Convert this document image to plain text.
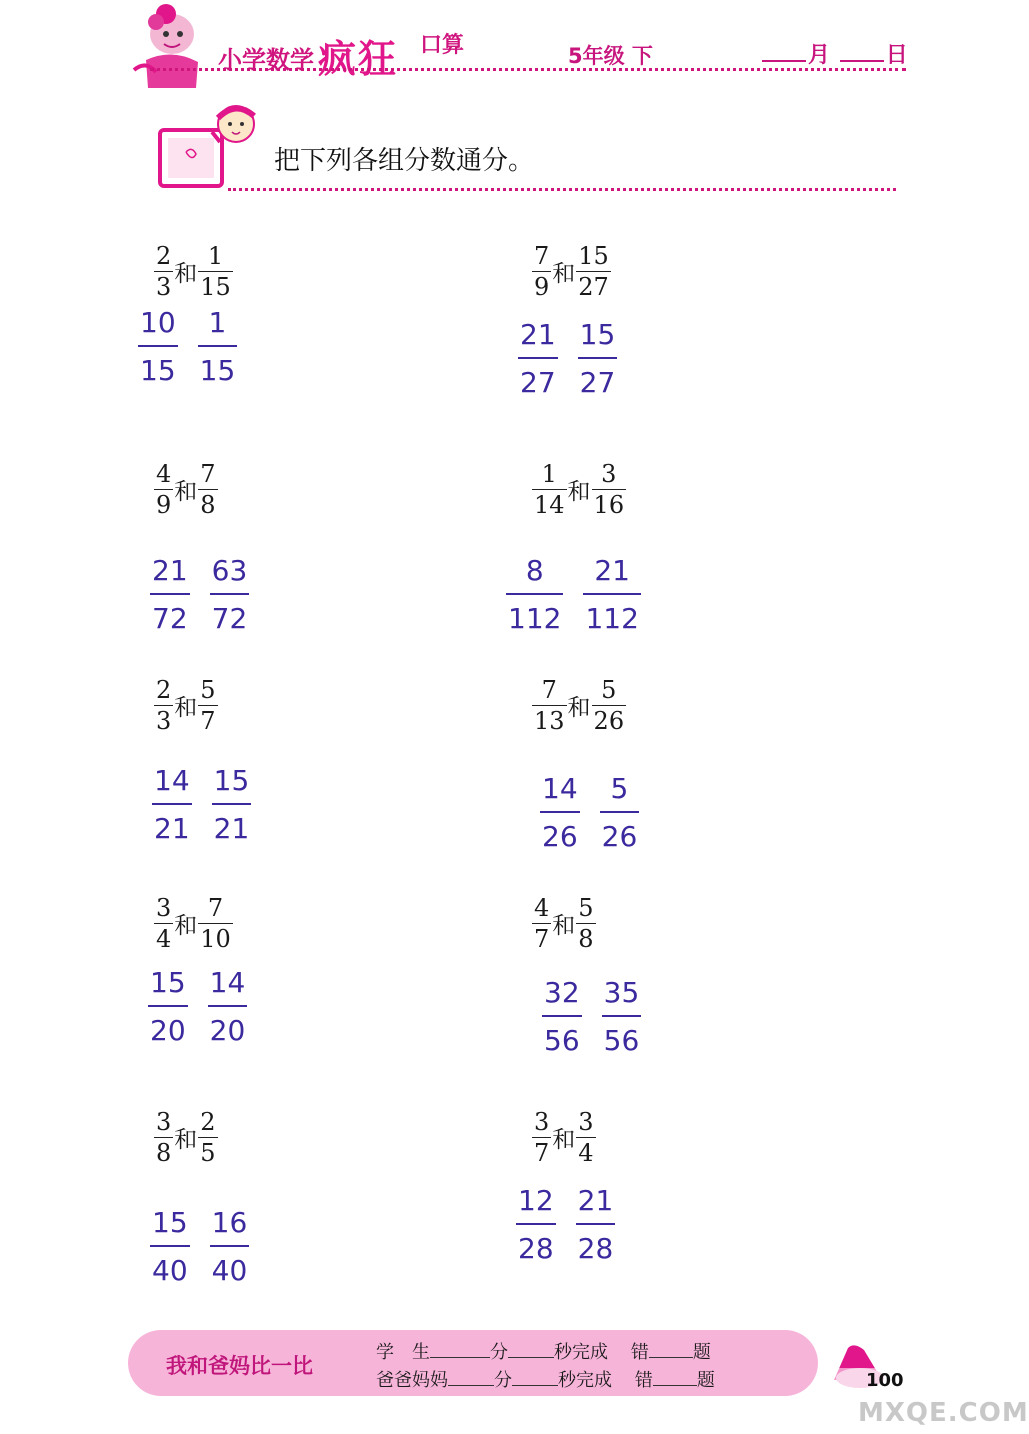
小学数学 疯狂 口算	5年级 下	月	日
把下列各组分数通分。
2
3 和
1
15
10
15
1
15
4
9 和
7
8
21
72
63
72
2
3 和
5
7
14
21
15
21
3
4 和
7
10
15
20
14
20
3
8 和
2
5
15
40
16
40
7
9 和
15
27
21
27
15
27
1
14 和
3
16
8
112
21
112
7
13 和
5
26
14
26
5
26
4
7 和
5
8
32
56
35
56
3
7 和
3
4
12
28
21
28
我和爸妈比一比
学　生	分	秒完成 错 题
爸爸妈妈	分	秒完成 错 题	100
MXQE.COM
